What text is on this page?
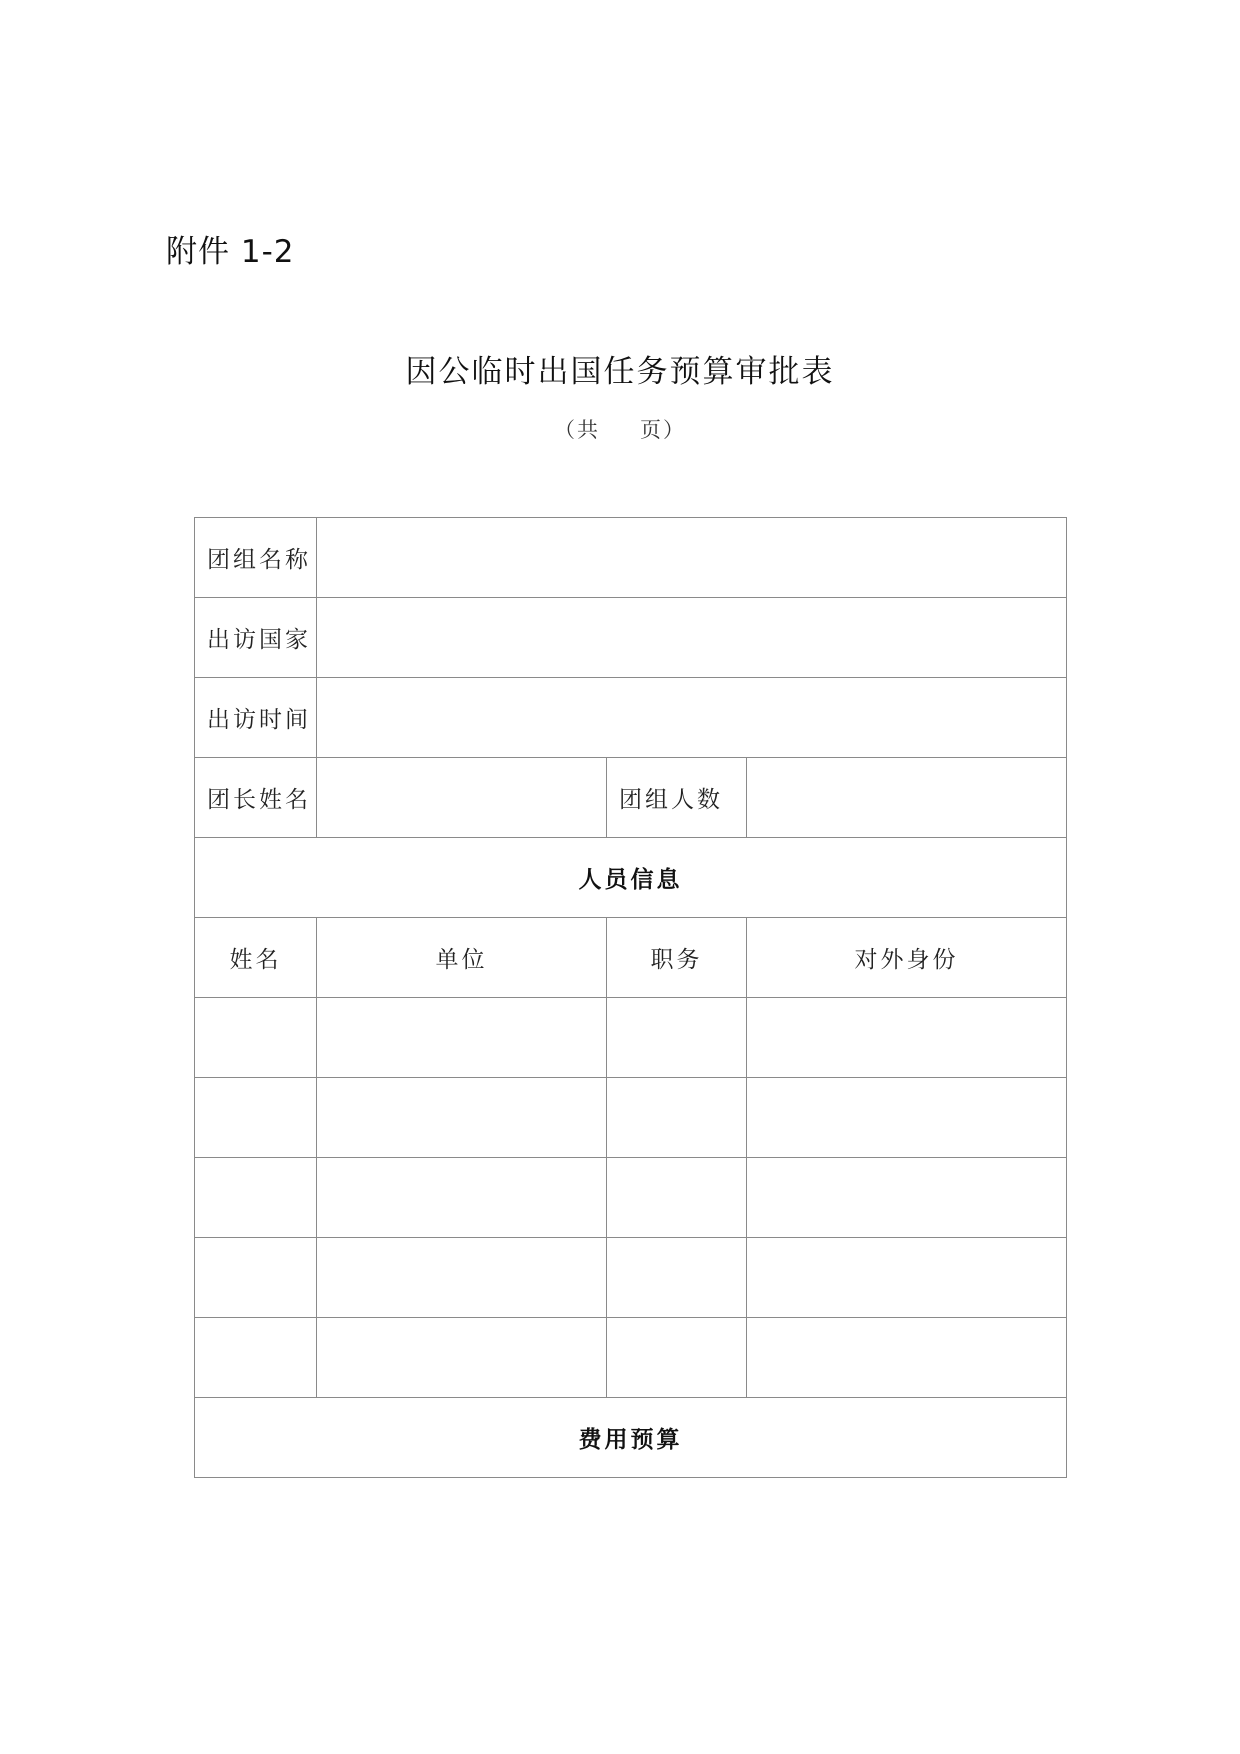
附件 1-2
因公临时出国任务预算审批表
（共 页）
团组名称			
出访国家			
出访时间			
团长姓名		团组人数	
人员信息			
姓名	单位	职务	对外身份

费用预算			
